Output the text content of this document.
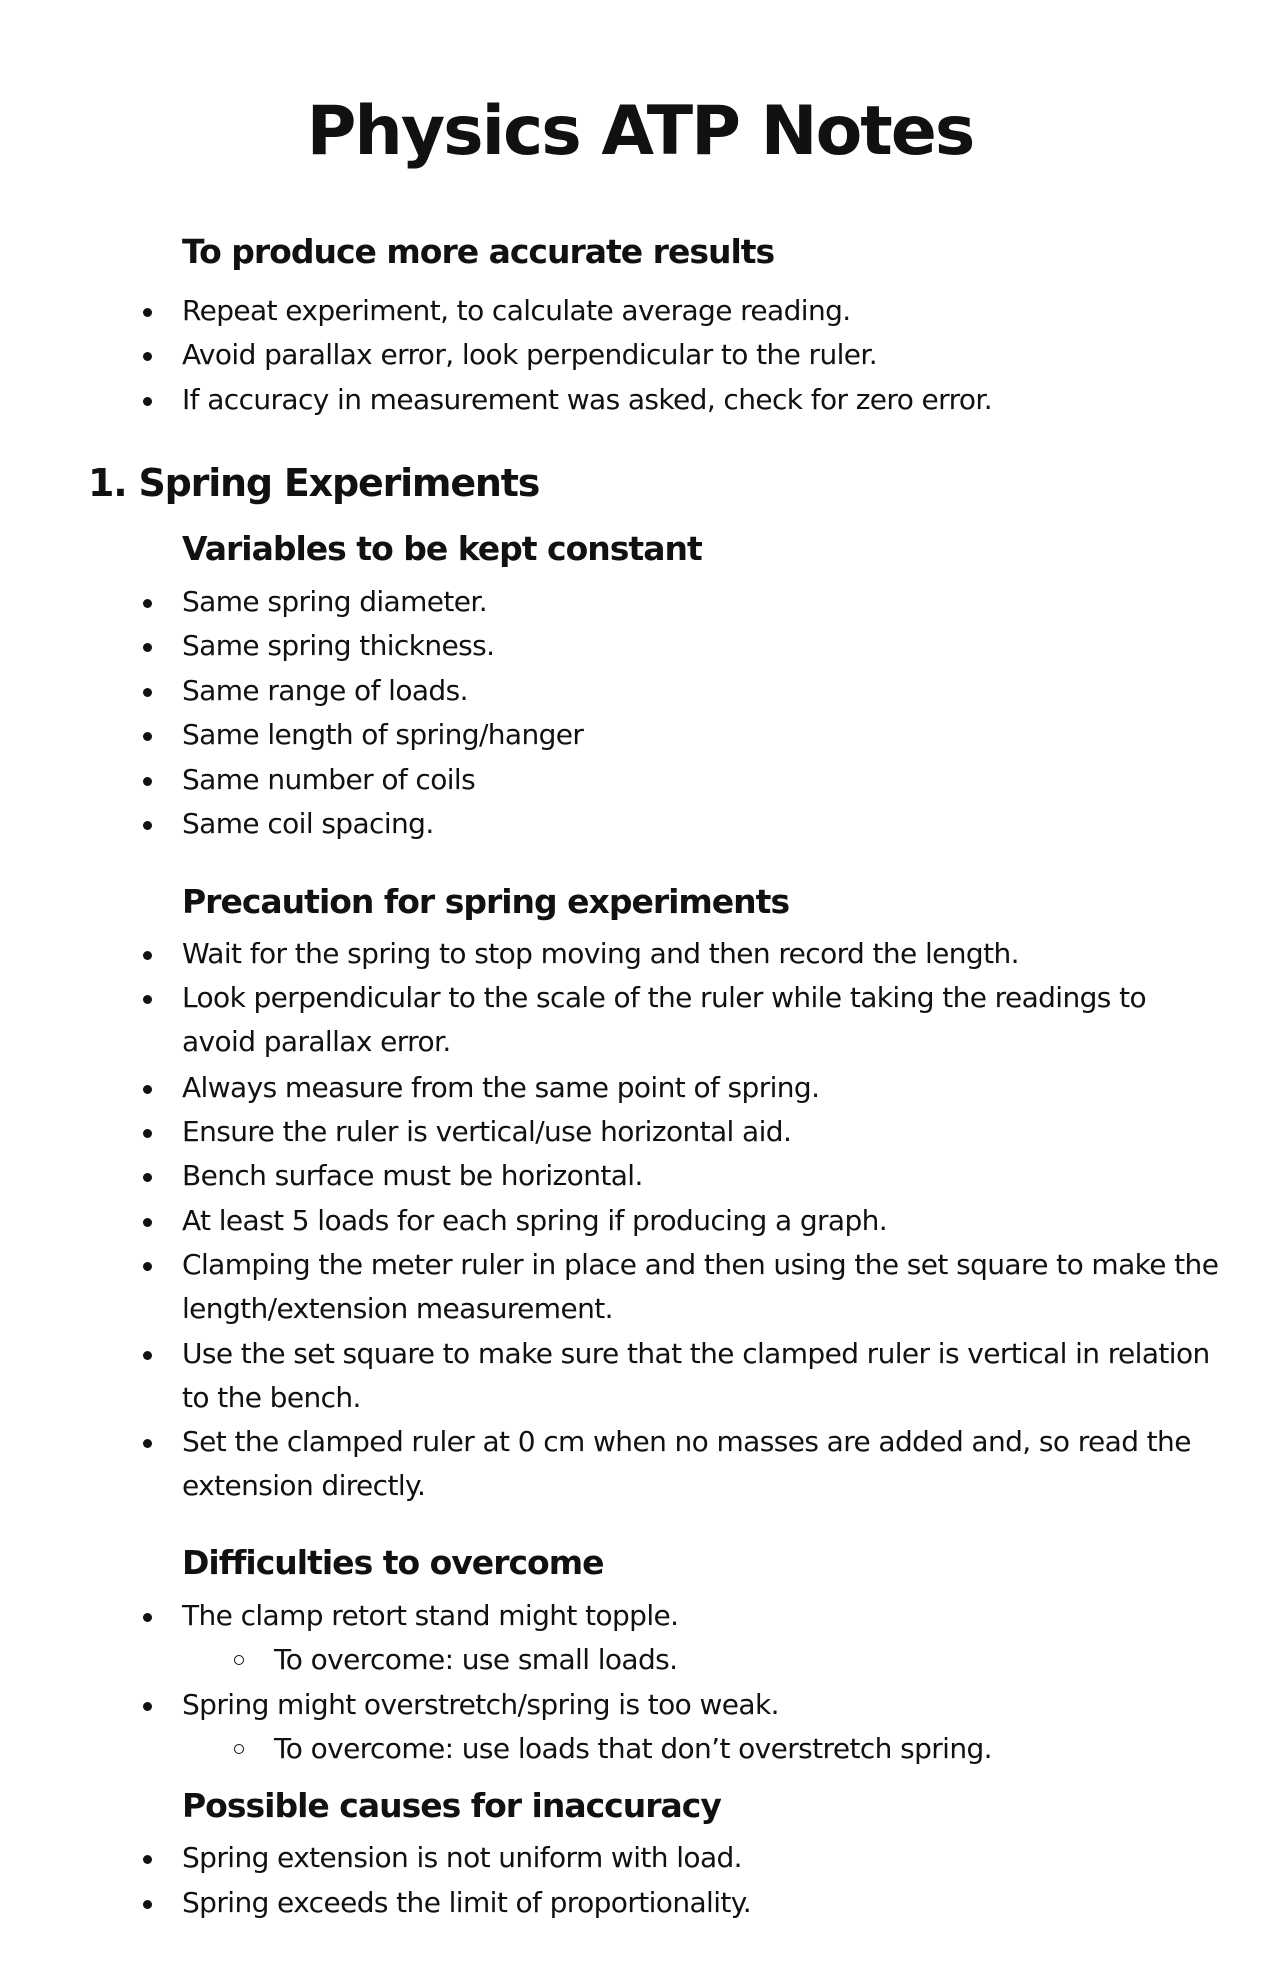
Physics ATP Notes
To produce more accurate results

Repeat experiment, to calculate average reading.

Avoid parallax error, look perpendicular to the ruler.

If accuracy in measurement was asked, check for zero error.

1. Spring Experiments
Variables to be kept constant

Same spring diameter.

Same spring thickness.

Same range of loads.

Same length of spring/hanger

Same number of coils

Same coil spacing.

Precaution for spring experiments

Wait for the spring to stop moving and then record the length.

Look perpendicular to the scale of the ruler while taking the readings to avoid parallax error.

Always measure from the same point of spring.

Ensure the ruler is vertical/use horizontal aid.

Bench surface must be horizontal.

At least 5 loads for each spring if producing a graph.

Clamping the meter ruler in place and then using the set square to make the length/extension measurement.

Use the set square to make sure that the clamped ruler is vertical in relation to the bench.

Set the clamped ruler at 0 cm when no masses are added and, so read the extension directly.

Difficulties to overcome

The clamp retort stand might topple.

To overcome: use small loads.

Spring might overstretch/spring is too weak.

To overcome: use loads that don’t overstretch spring.

Possible causes for inaccuracy

Spring extension is not uniform with load.

Spring exceeds the limit of proportionality.
